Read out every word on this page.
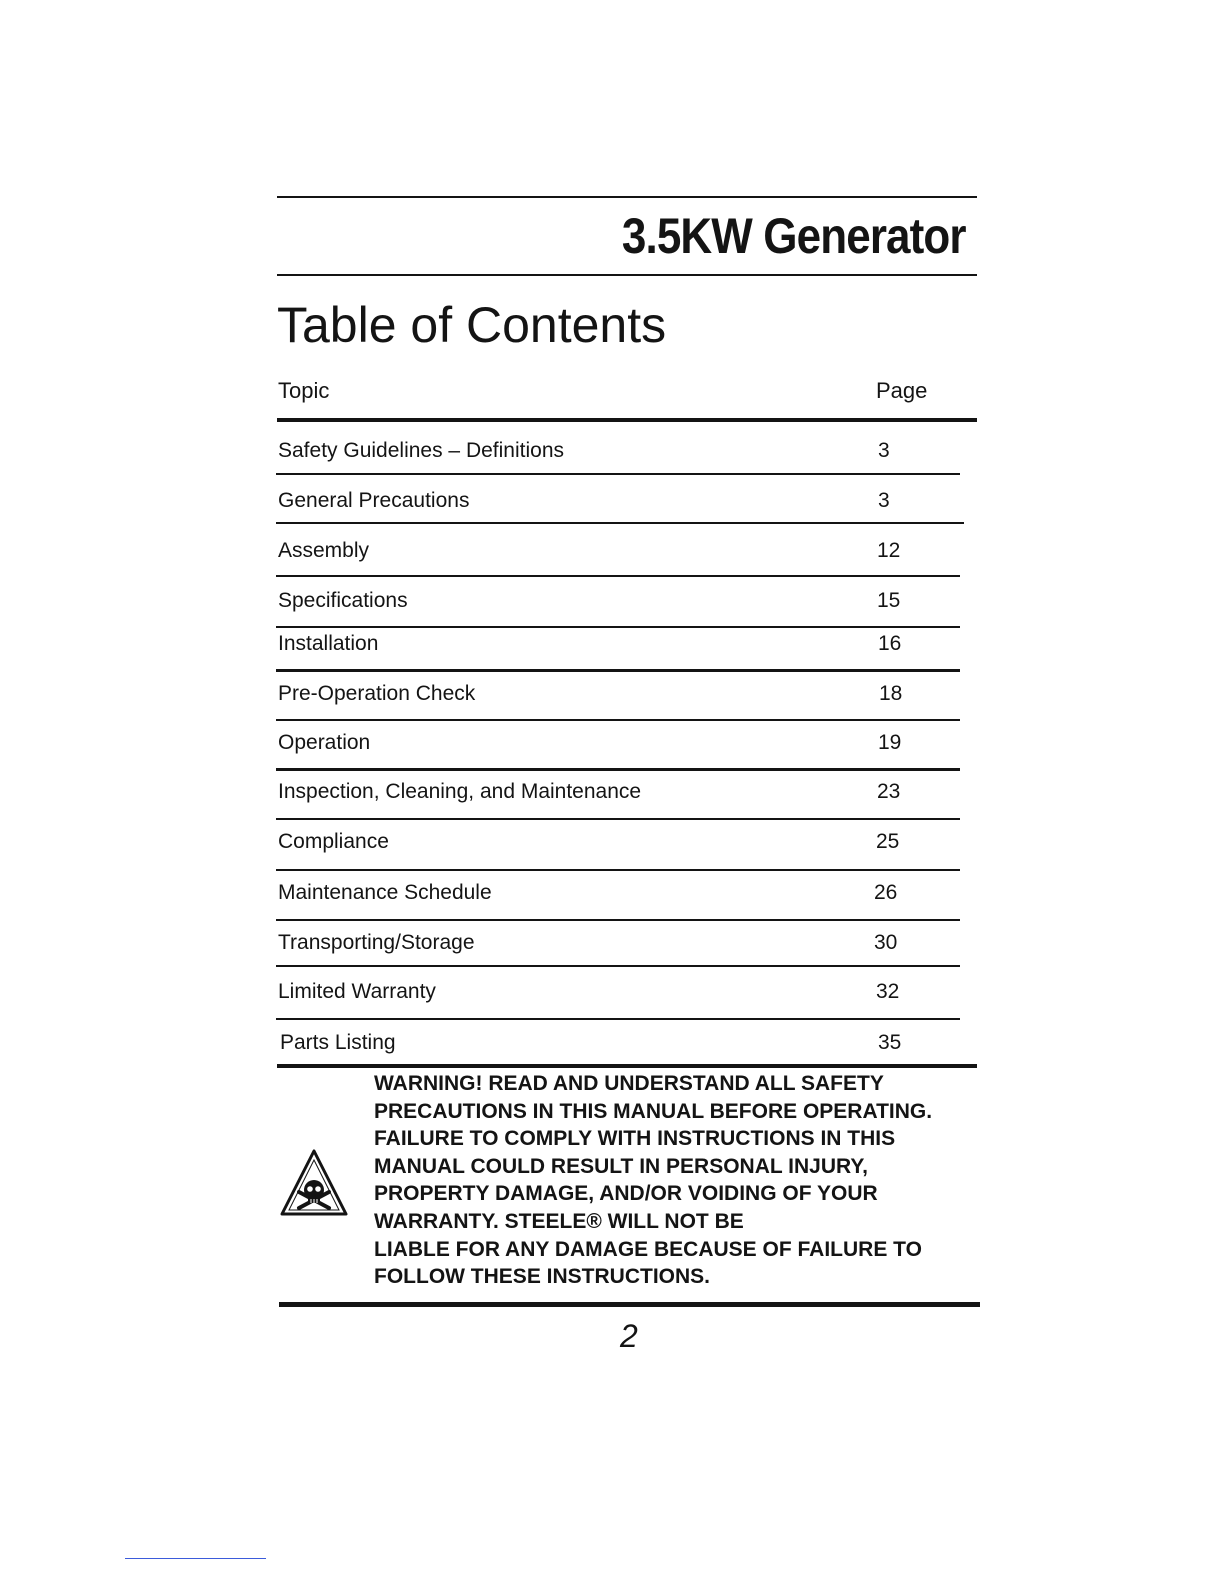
3.5KW Generator
Table of Contents
Topic	Page
Safety Guidelines – Definitions	3
General Precautions	3
Assembly	12
Specifications	15
Installation	16
Pre-Operation Check	18
Operation	19
Inspection, Cleaning, and Maintenance	23
Compliance	25
Maintenance Schedule	26
Transporting/Storage	30
Limited Warranty	32
Parts Listing	35
WARNING! READ AND UNDERSTAND ALL SAFETY
PRECAUTIONS IN THIS MANUAL BEFORE OPERATING.
FAILURE TO COMPLY WITH INSTRUCTIONS IN THIS
MANUAL COULD RESULT IN PERSONAL INJURY,
PROPERTY DAMAGE, AND/OR VOIDING OF YOUR
WARRANTY. STEELE® WILL NOT BE
LIABLE FOR ANY DAMAGE BECAUSE OF FAILURE TO
FOLLOW THESE INSTRUCTIONS.
2
